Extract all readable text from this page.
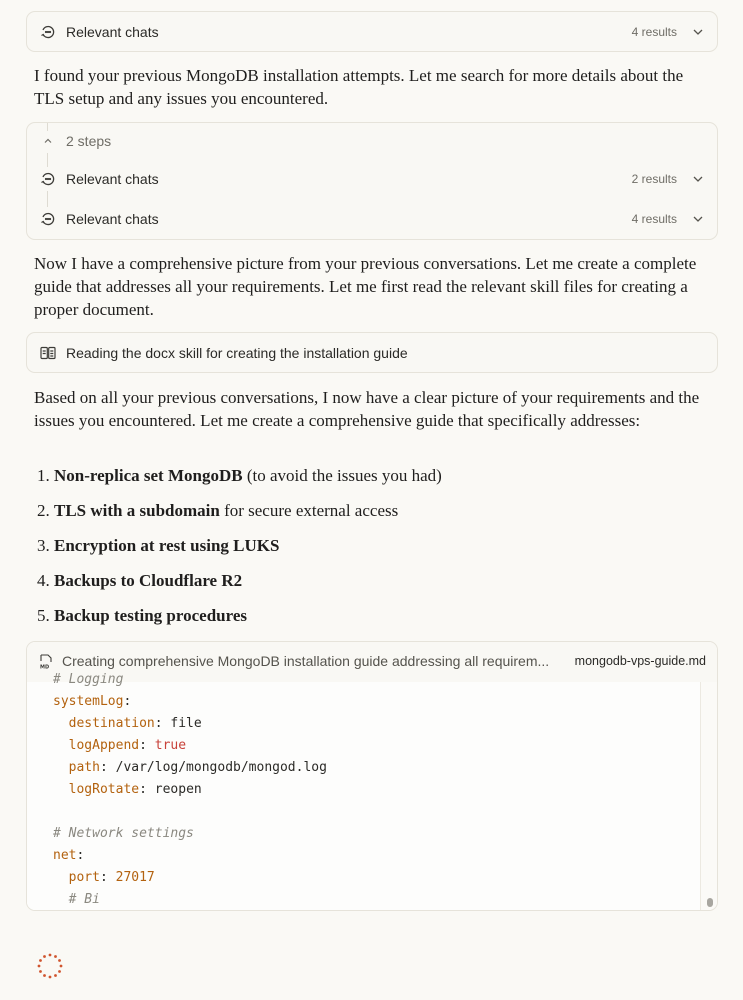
Relevant chats	4 results
I found your previous MongoDB installation attempts. Let me search for more details about the TLS setup and any issues you encountered.
2 steps
Relevant chats	2 results
Relevant chats	4 results
Now I have a comprehensive picture from your previous conversations. Let me create a complete guide that addresses all your requirements. Let me first read the relevant skill files for creating a proper document.
Reading the docx skill for creating the installation guide
Based on all your previous conversations, I now have a clear picture of your requirements and the issues you encountered. Let me create a comprehensive guide that specifically addresses:
1. Non-replica set MongoDB (to avoid the issues you had)
2. TLS with a subdomain for secure external access
3. Encryption at rest using LUKS
4. Backups to Cloudflare R2
5. Backup testing procedures
MD Creating comprehensive MongoDB installation guide addressing all requirem... mongodb-vps-guide.md
# Logging
systemLog:
destination: file
logAppend: true
path: /var/log/mongodb/mongod.log
logRotate: reopen
# Network settings
net:
port: 27017
# Bi
